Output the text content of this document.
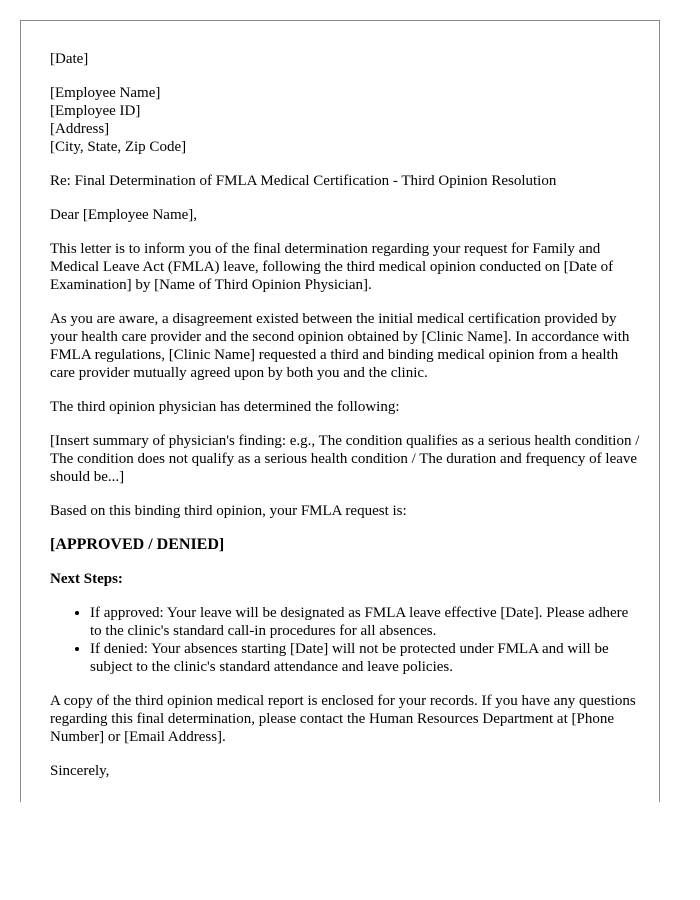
[Date]

[Employee Name]
[Employee ID]
[Address]
[City, State, Zip Code]

Re: Final Determination of FMLA Medical Certification - Third Opinion Resolution

Dear [Employee Name],

This letter is to inform you of the final determination regarding your request for Family and Medical Leave Act (FMLA) leave, following the third medical opinion conducted on [Date of Examination] by [Name of Third Opinion Physician].

As you are aware, a disagreement existed between the initial medical certification provided by your health care provider and the second opinion obtained by [Clinic Name]. In accordance with FMLA regulations, [Clinic Name] requested a third and binding medical opinion from a health care provider mutually agreed upon by both you and the clinic.

The third opinion physician has determined the following:

[Insert summary of physician's finding: e.g., The condition qualifies as a serious health condition / The condition does not qualify as a serious health condition / The duration and frequency of leave should be...]

Based on this binding third opinion, your FMLA request is:

[APPROVED / DENIED]

Next Steps:

• If approved: Your leave will be designated as FMLA leave effective [Date]. Please adhere to the clinic's standard call-in procedures for all absences.
• If denied: Your absences starting [Date] will not be protected under FMLA and will be subject to the clinic's standard attendance and leave policies.

A copy of the third opinion medical report is enclosed for your records. If you have any questions regarding this final determination, please contact the Human Resources Department at [Phone Number] or [Email Address].

Sincerely,
